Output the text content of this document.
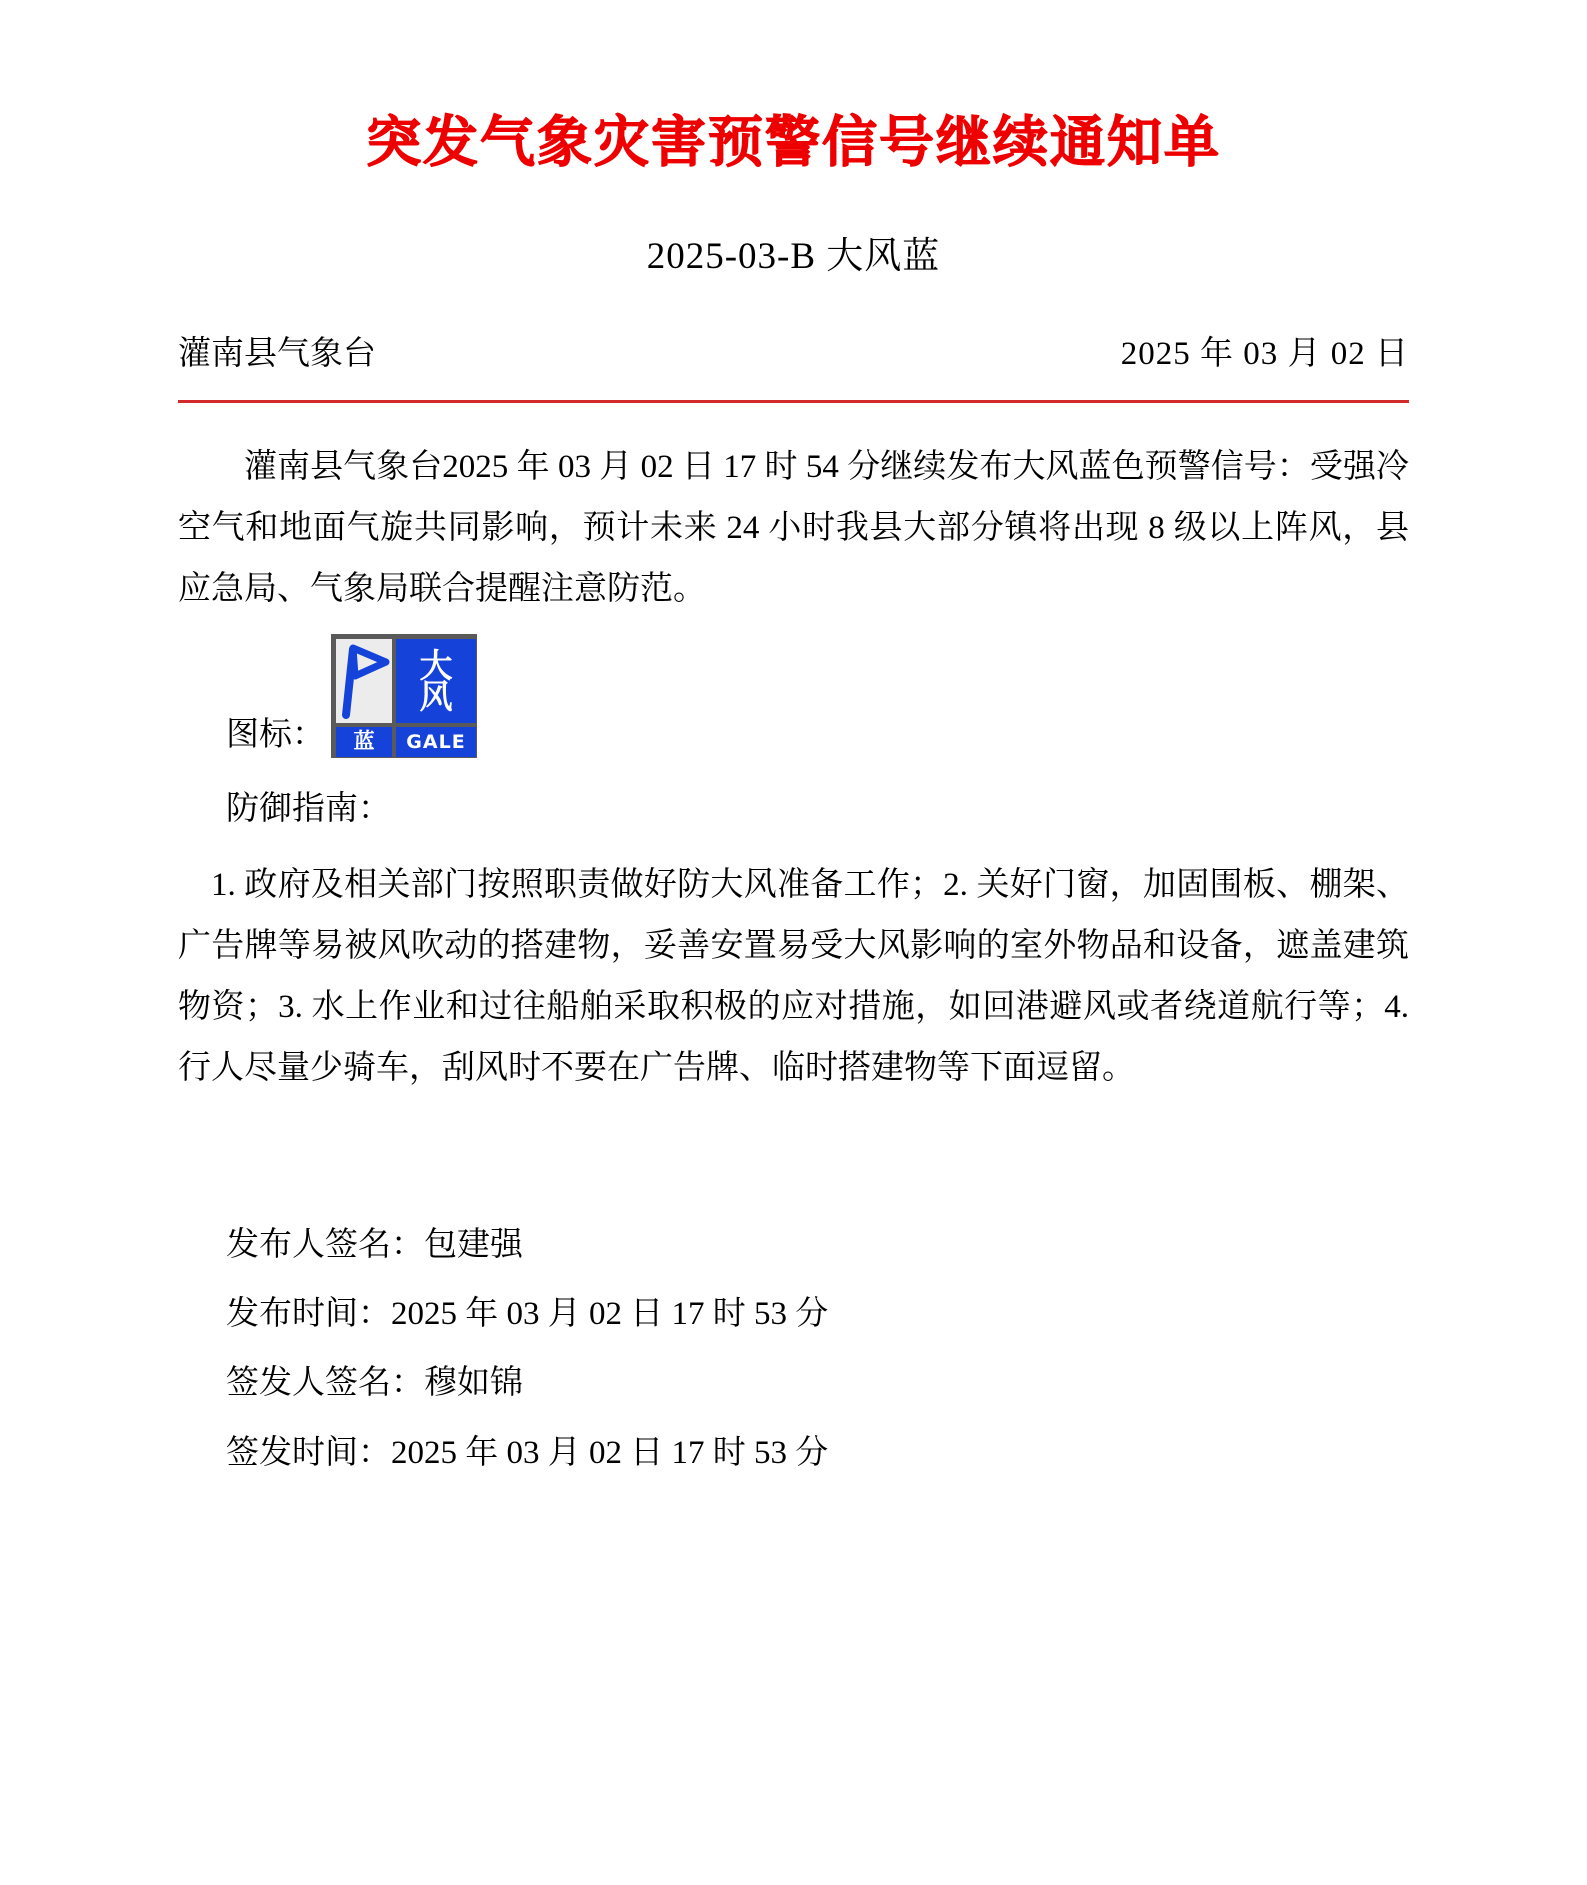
突发气象灾害预警信号继续通知单
2025-03-B 大风蓝
灌南县气象台	2025 年 03 月 02 日

灌南县气象台2025 年 03 月 02 日 17 时 54 分继续发布大风蓝色预警信号：受强冷空气和地面气旋共同影响，预计未来 24 小时我县大部分镇将出现 8 级以上阵风，县应急局、气象局联合提醒注意防范。

图标：
大
风
蓝	GALE
防御指南：

1. 政府及相关部门按照职责做好防大风准备工作；2. 关好门窗，加固围板、棚架、广告牌等易被风吹动的搭建物，妥善安置易受大风影响的室外物品和设备，遮盖建筑物资；3. 水上作业和过往船舶采取积极的应对措施，如回港避风或者绕道航行等；4. 行人尽量少骑车，刮风时不要在广告牌、临时搭建物等下面逗留。

发布人签名：包建强
发布时间：2025 年 03 月 02 日 17 时 53 分
签发人签名：穆如锦
签发时间：2025 年 03 月 02 日 17 时 53 分
